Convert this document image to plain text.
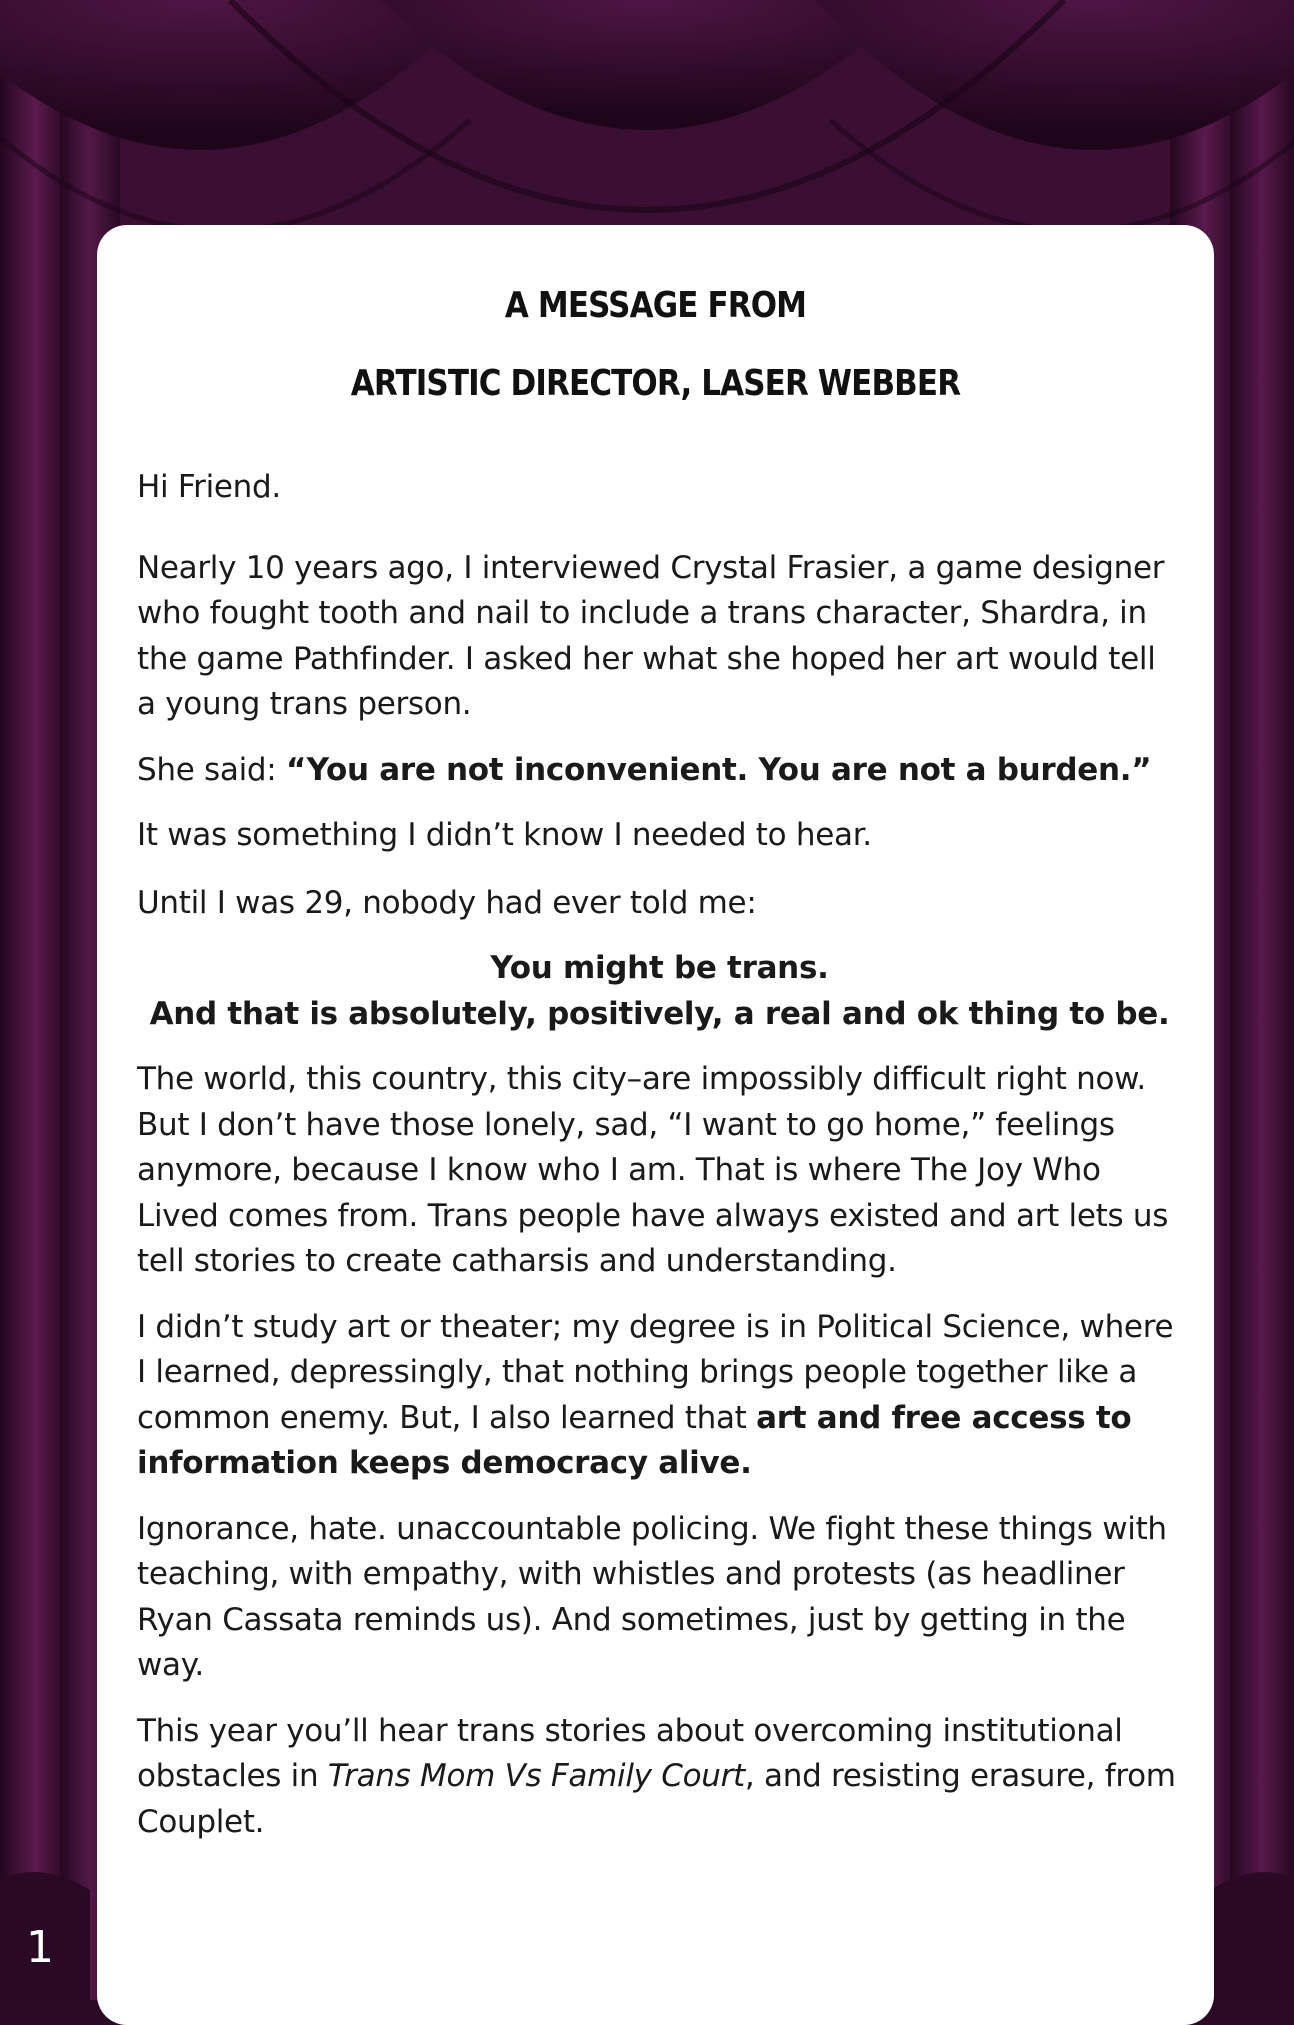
1
A MESSAGE FROM
ARTISTIC DIRECTOR, LASER WEBBER

Hi Friend.

Nearly 10 years ago, I interviewed Crystal Frasier, a game designer who fought tooth and nail to include a trans character, Shardra, in the game Pathfinder. I asked her what she hoped her art would tell a young trans person.

She said: “You are not inconvenient. You are not a burden.”

It was something I didn’t know I needed to hear.

Until I was 29, nobody had ever told me:

You might be trans.

And that is absolutely, positively, a real and ok thing to be.

The world, this country, this city–are impossibly difficult right now. But I don’t have those lonely, sad, “I want to go home,” feelings anymore, because I know who I am. That is where The Joy Who Lived comes from. Trans people have always existed and art lets us tell stories to create catharsis and understanding.

I didn’t study art or theater; my degree is in Political Science, where I learned, depressingly, that nothing brings people together like a common enemy. But, I also learned that art and free access to information keeps democracy alive.

Ignorance, hate. unaccountable policing. We fight these things with teaching, with empathy, with whistles and protests (as headliner Ryan Cassata reminds us). And sometimes, just by getting in the way.

This year you’ll hear trans stories about overcoming institutional obstacles in Trans Mom Vs Family Court, and resisting erasure, from Couplet.
